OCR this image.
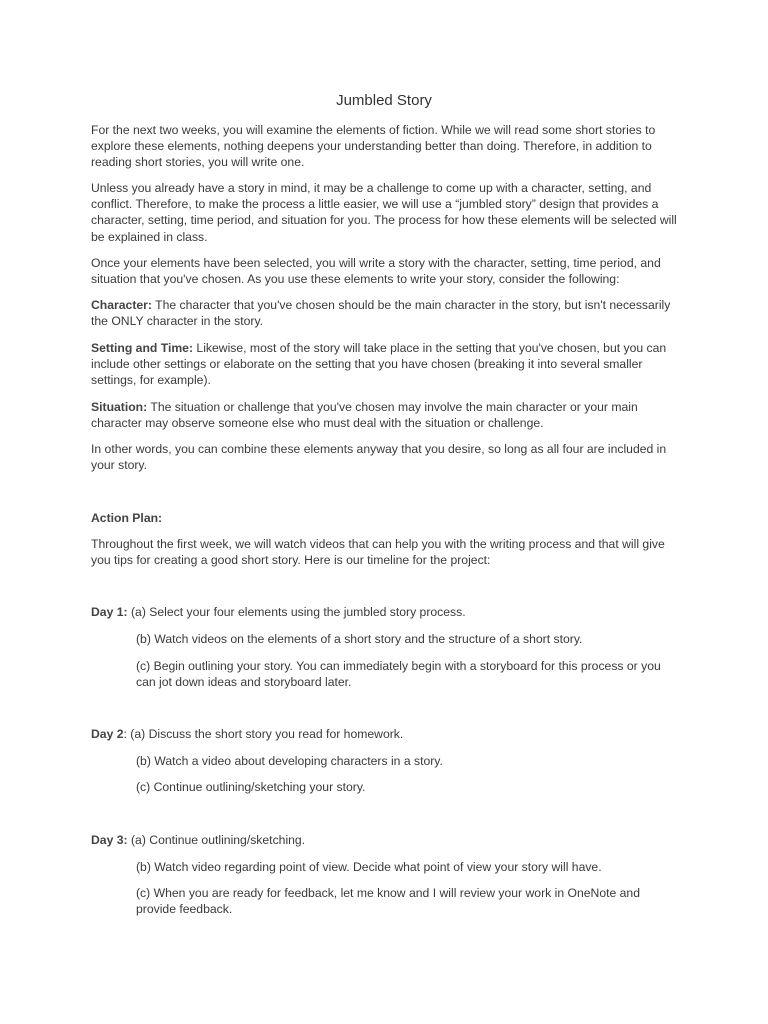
Jumbled Story

For the next two weeks, you will examine the elements of fiction. While we will read some short stories to explore these elements, nothing deepens your understanding better than doing. Therefore, in addition to reading short stories, you will write one.

Unless you already have a story in mind, it may be a challenge to come up with a character, setting, and conflict. Therefore, to make the process a little easier, we will use a “jumbled story” design that provides a character, setting, time period, and situation for you. The process for how these elements will be selected will be explained in class.

Once your elements have been selected, you will write a story with the character, setting, time period, and situation that you've chosen. As you use these elements to write your story, consider the following:

Character: The character that you've chosen should be the main character in the story, but isn't necessarily the ONLY character in the story.

Setting and Time: Likewise, most of the story will take place in the setting that you've chosen, but you can include other settings or elaborate on the setting that you have chosen (breaking it into several smaller settings, for example).

Situation: The situation or challenge that you've chosen may involve the main character or your main character may observe someone else who must deal with the situation or challenge.

In other words, you can combine these elements anyway that you desire, so long as all four are included in your story.

Action Plan:

Throughout the first week, we will watch videos that can help you with the writing process and that will give you tips for creating a good short story. Here is our timeline for the project:

Day 1: (a) Select your four elements using the jumbled story process.

(b) Watch videos on the elements of a short story and the structure of a short story.

(c) Begin outlining your story. You can immediately begin with a storyboard for this process or you can jot down ideas and storyboard later.

Day 2: (a) Discuss the short story you read for homework.

(b) Watch a video about developing characters in a story.

(c) Continue outlining/sketching your story.

Day 3: (a) Continue outlining/sketching.

(b) Watch video regarding point of view. Decide what point of view your story will have.

(c) When you are ready for feedback, let me know and I will review your work in OneNote and provide feedback.
